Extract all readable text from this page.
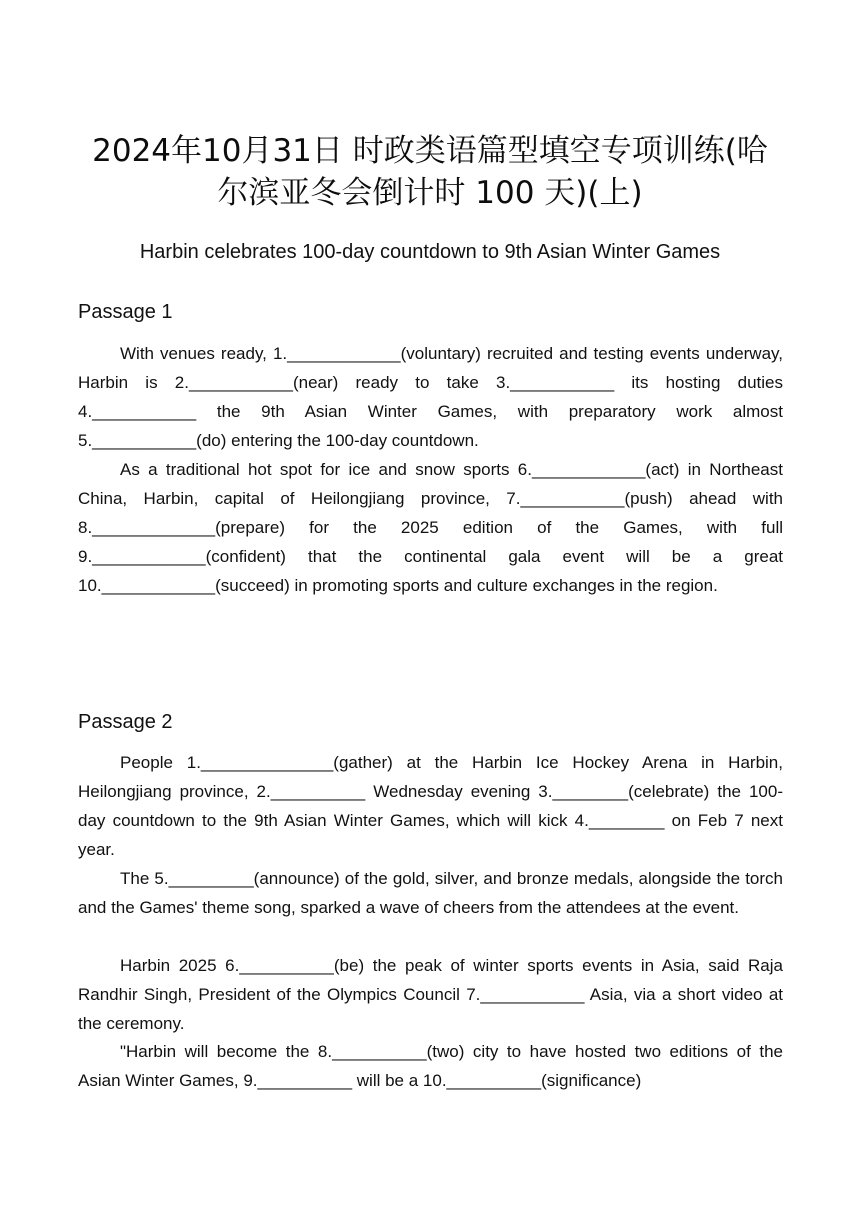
2024年10月31日 时政类语篇型填空专项训练(哈
尔滨亚冬会倒计时 100 天)(上)
Harbin celebrates 100-day countdown to 9th Asian Winter Games
Passage 1
With venues ready, 1.____________(voluntary) recruited and testing events underway, Harbin is 2.___________(near) ready to take 3.___________ its hosting duties 4.___________ the 9th Asian Winter Games, with preparatory work almost 5.___________(do) entering the 100-day countdown.
As a traditional hot spot for ice and snow sports 6.____________(act) in Northeast China, Harbin, capital of Heilongjiang province, 7.___________(push) ahead with 8._____________(prepare) for the 2025 edition of the Games, with full 9.____________(confident) that the continental gala event will be a great 10.____________(succeed) in promoting sports and culture exchanges in the region.
Passage 2
People 1.______________(gather) at the Harbin Ice Hockey Arena in Harbin, Heilongjiang province, 2.__________ Wednesday evening 3.________(celebrate) the 100-day countdown to the 9th Asian Winter Games, which will kick 4.________ on Feb 7 next year.
The 5._________(announce) of the gold, silver, and bronze medals, alongside the torch and the Games' theme song, sparked a wave of cheers from the attendees at the event.
Harbin 2025 6.__________(be) the peak of winter sports events in Asia, said Raja Randhir Singh, President of the Olympics Council 7.___________ Asia, via a short video at the ceremony.
"Harbin will become the 8.__________(two) city to have hosted two editions of the Asian Winter Games, 9.__________ will be a 10.__________(significance)
